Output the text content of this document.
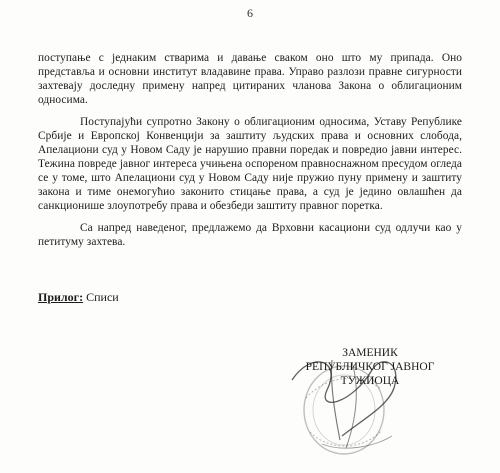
6

поступање с једнаким стварима и давање сваком оно што му припада. Оно представља и основни институт владавине права. Управо разлози правне сигурности захтевају доследну примену напред цитираних чланова Закона о облигационим односима.

Поступајући супротно Закону о облигационим односима, Уставу Републике Србије и Европској Конвенцији за заштиту људских права и основних слобода, Апелациони суд у Новом Саду је нарушио правни поредак и повредио јавни интерес. Тежина повреде јавног интереса учињена оспореном правноснажном пресудом огледа се у томе, што Апелациони суд у Новом Саду није пружио пуну примену и заштиту закона и тиме онемогућио законито стицање права, а суд је једино овлашћен да санкционише злоупотребу права и обезбеди заштиту правног поретка.

Са напред наведеног, предлажемо да Врховни касациони суд одлучи као у петитуму захтева.

Прилог: Списи
ЗАМЕНИК
РЕПУБЛИЧКОГ ЈАВНОГ
ТУЖИОЦА
